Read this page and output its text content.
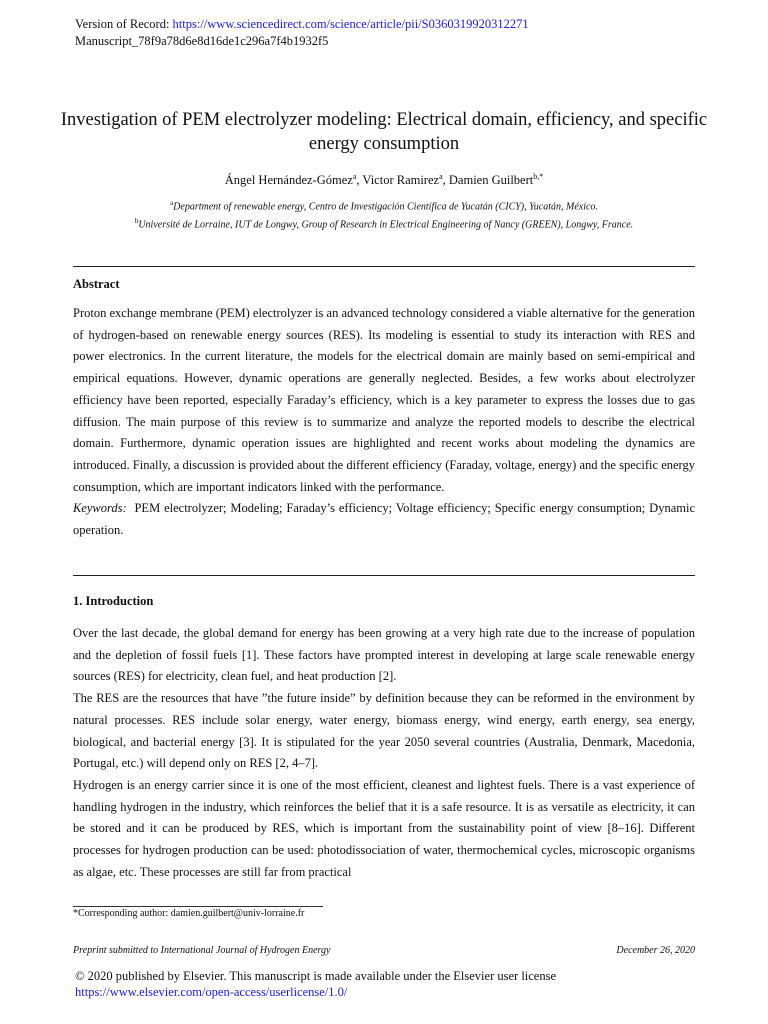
Version of Record: https://www.sciencedirect.com/science/article/pii/S0360319920312271
Manuscript_78f9a78d6e8d16de1c296a7f4b1932f5
Investigation of PEM electrolyzer modeling: Electrical domain, efficiency, and specific energy consumption
Ángel Hernández-Gómez$^a$, Victor Ramirez$^a$, Damien Guilbert$^{b,*}$
$^a$Department of renewable energy, Centro de Investigación Científica de Yucatán (CICY), Yucatán, México.
$^b$Université de Lorraine, IUT de Longwy, Group of Research in Electrical Engineering of Nancy (GREEN), Longwy, France.
Abstract

Proton exchange membrane (PEM) electrolyzer is an advanced technology considered a viable alternative for the generation of hydrogen-based on renewable energy sources (RES). Its modeling is essential to study its interaction with RES and power electronics. In the current literature, the models for the electrical domain are mainly based on semi-empirical and empirical equations. However, dynamic operations are generally neglected. Besides, a few works about electrolyzer efficiency have been reported, especially Faraday’s efficiency, which is a key parameter to express the losses due to gas diffusion. The main purpose of this review is to summarize and analyze the reported models to describe the electrical domain. Furthermore, dynamic operation issues are highlighted and recent works about modeling the dynamics are introduced. Finally, a discussion is provided about the different efficiency (Faraday, voltage, energy) and the specific energy consumption, which are important indicators linked with the performance.

Keywords: PEM electrolyzer; Modeling; Faraday’s efficiency; Voltage efficiency; Specific energy consumption; Dynamic operation.

1. Introduction

Over the last decade, the global demand for energy has been growing at a very high rate due to the increase of population and the depletion of fossil fuels [1]. These factors have prompted interest in developing at large scale renewable energy sources (RES) for electricity, clean fuel, and heat production [2].

The RES are the resources that have ”the future inside” by definition because they can be reformed in the environment by natural processes. RES include solar energy, water energy, biomass energy, wind energy, earth energy, sea energy, biological, and bacterial energy [3]. It is stipulated for the year 2050 several countries (Australia, Denmark, Macedonia, Portugal, etc.) will depend only on RES [2, 4–7].

Hydrogen is an energy carrier since it is one of the most efficient, cleanest and lightest fuels. There is a vast experience of handling hydrogen in the industry, which reinforces the belief that it is a safe resource. It is as versatile as electricity, it can be stored and it can be produced by RES, which is important from the sustainability point of view [8–16]. Different processes for hydrogen production can be used: photodissociation of water, thermochemical cycles, microscopic organisms as algae, etc. These processes are still far from practical

*Corresponding author: damien.guilbert@univ-lorraine.fr
Preprint submitted to International Journal of Hydrogen Energy	December 26, 2020
© 2020 published by Elsevier. This manuscript is made available under the Elsevier user license
https://www.elsevier.com/open-access/userlicense/1.0/
